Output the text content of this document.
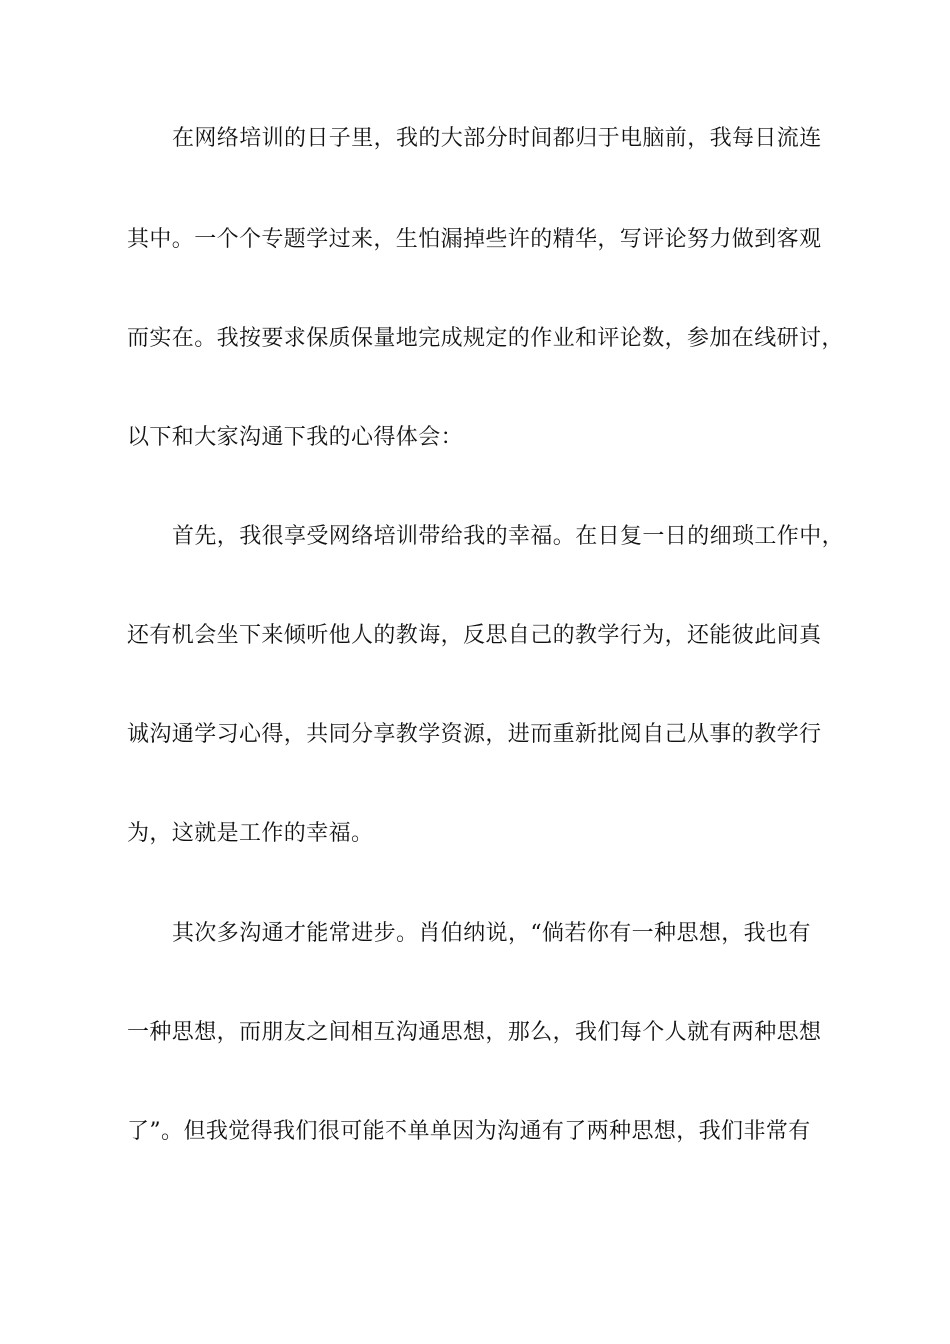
在网络培训的日子里，我的大部分时间都归于电脑前，我每日流连
其中。一个个专题学过来，生怕漏掉些许的精华，写评论努力做到客观
而实在。我按要求保质保量地完成规定的作业和评论数，参加在线研讨，
以下和大家沟通下我的心得体会：
首先，我很享受网络培训带给我的幸福。在日复一日的细琐工作中，
还有机会坐下来倾听他人的教诲，反思自己的教学行为，还能彼此间真
诚沟通学习心得，共同分享教学资源，进而重新批阅自己从事的教学行
为，这就是工作的幸福。
其次多沟通才能常进步。肖伯纳说，“倘若你有一种思想，我也有
一种思想，而朋友之间相互沟通思想，那么，我们每个人就有两种思想
了”。但我觉得我们很可能不单单因为沟通有了两种思想，我们非常有
